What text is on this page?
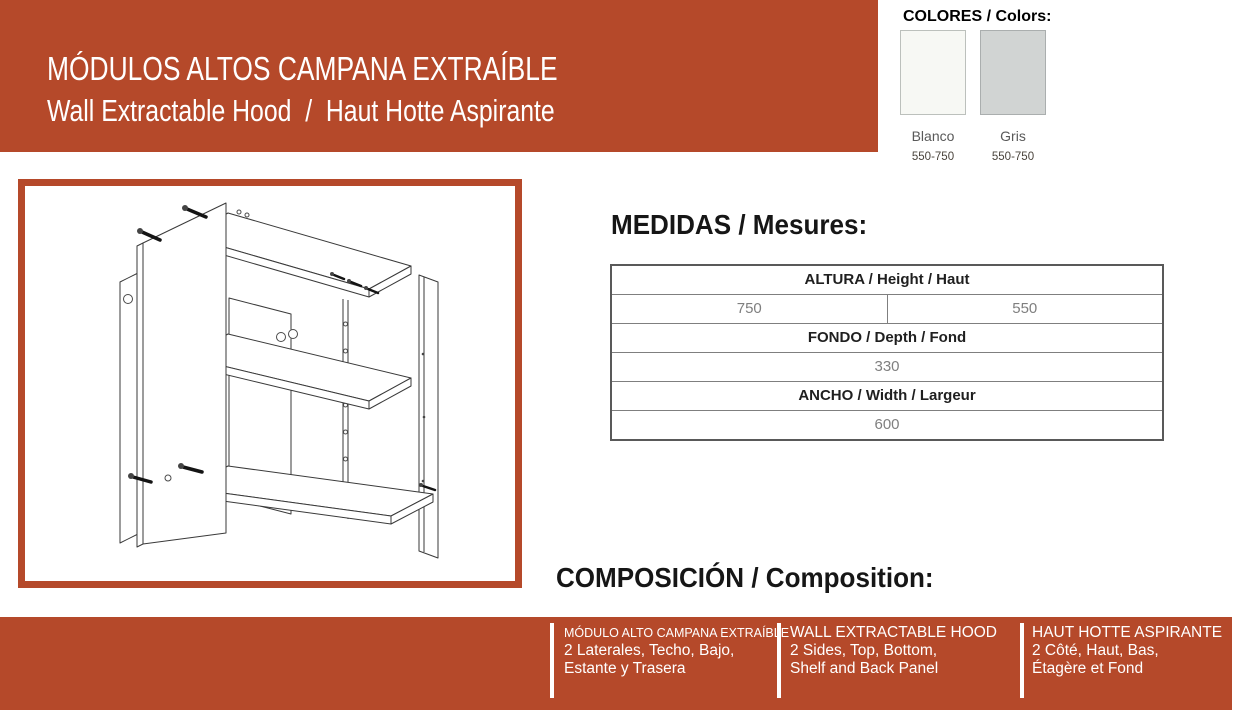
MÓDULOS ALTOS CAMPANA EXTRAÍBLE
Wall Extractable Hood  /  Haut Hotte Aspirante
COLORES / Colors:
Blanco	Gris
550-750	550-750
MEDIDAS / Mesures:
ALTURA / Height / Haut
750	550
FONDO / Depth / Fond
330
ANCHO / Width / Largeur
600
COMPOSICIÓN / Composition:
MÓDULO ALTO CAMPANA EXTRAÍBLE
2 Laterales, Techo, Bajo,
Estante y Trasera
WALL EXTRACTABLE HOOD
2 Sides, Top, Bottom,
Shelf and Back Panel
HAUT HOTTE ASPIRANTE
2 Côté, Haut, Bas,
Étagère et Fond
